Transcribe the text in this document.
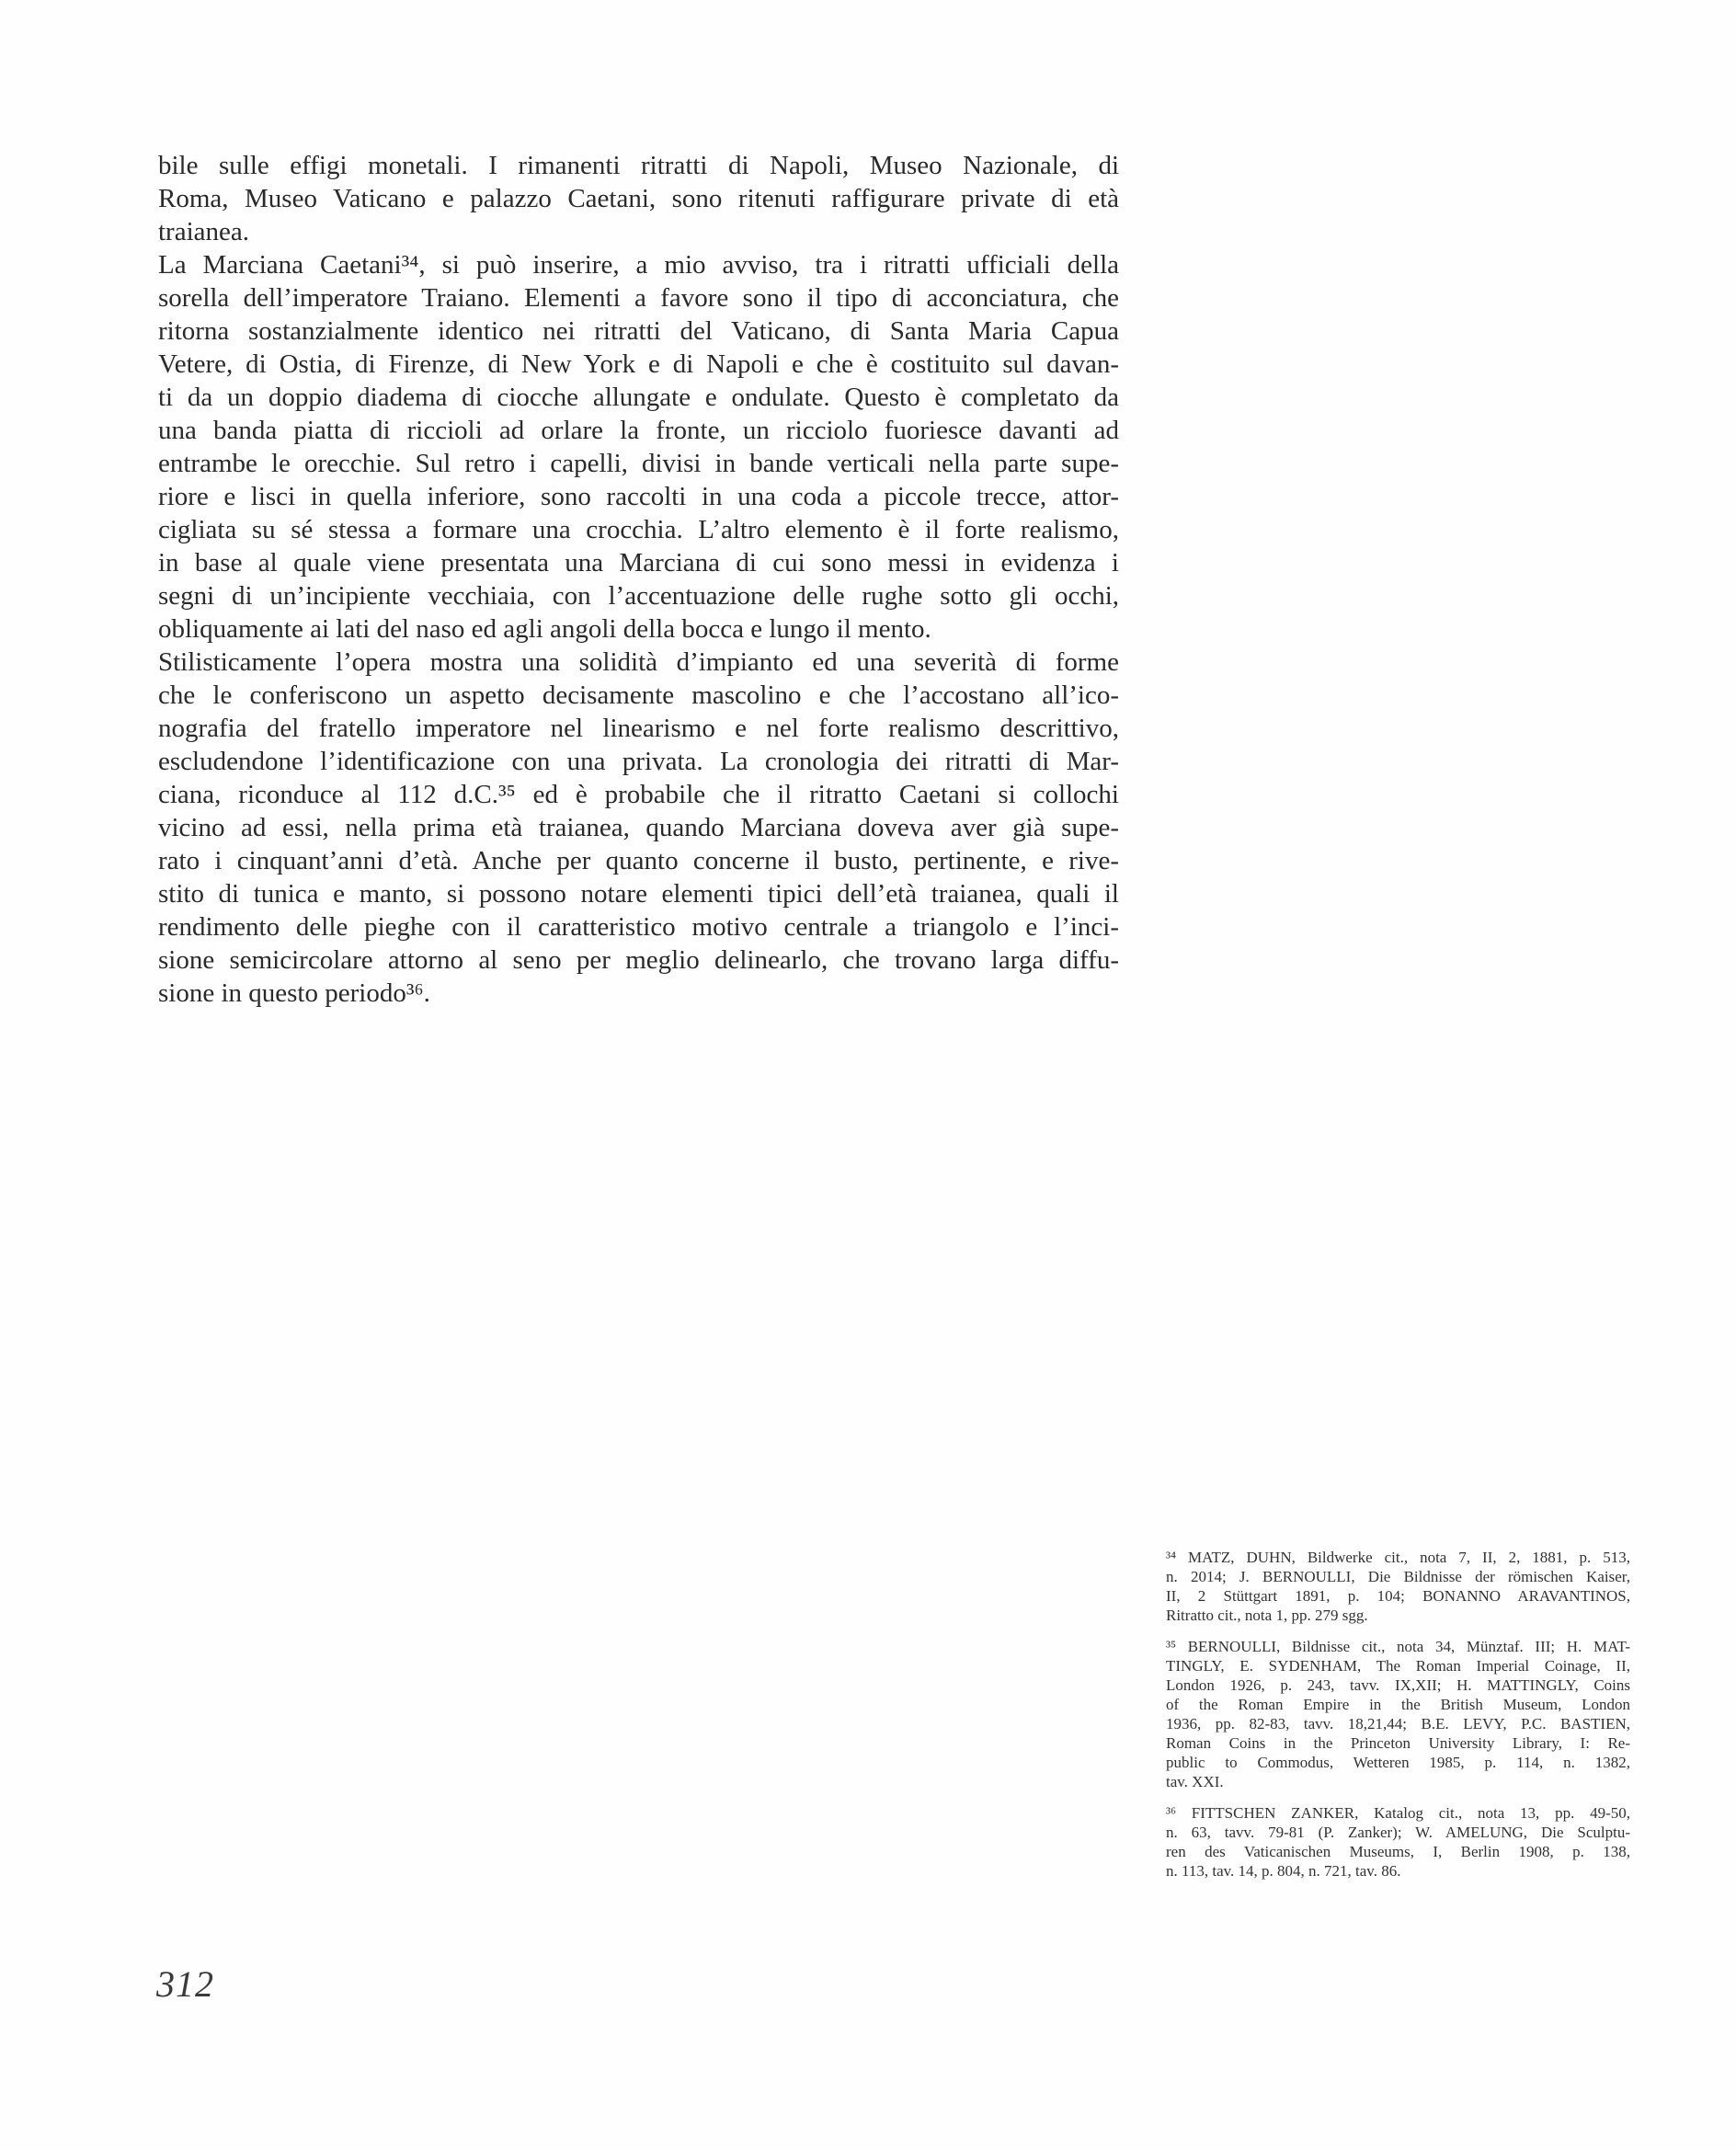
bile sulle effigi monetali. I rimanenti ritratti di Napoli, Museo Nazionale, di
Roma, Museo Vaticano e palazzo Caetani, sono ritenuti raffigurare private di età
traianea.
La Marciana Caetani³⁴, si può inserire, a mio avviso, tra i ritratti ufficiali della
sorella dell’imperatore Traiano. Elementi a favore sono il tipo di acconciatura, che
ritorna sostanzialmente identico nei ritratti del Vaticano, di Santa Maria Capua
Vetere, di Ostia, di Firenze, di New York e di Napoli e che è costituito sul davan-
ti da un doppio diadema di ciocche allungate e ondulate. Questo è completato da
una banda piatta di riccioli ad orlare la fronte, un ricciolo fuoriesce davanti ad
entrambe le orecchie. Sul retro i capelli, divisi in bande verticali nella parte supe-
riore e lisci in quella inferiore, sono raccolti in una coda a piccole trecce, attor-
cigliata su sé stessa a formare una crocchia. L’altro elemento è il forte realismo,
in base al quale viene presentata una Marciana di cui sono messi in evidenza i
segni di un’incipiente vecchiaia, con l’accentuazione delle rughe sotto gli occhi,
obliquamente ai lati del naso ed agli angoli della bocca e lungo il mento.
Stilisticamente l’opera mostra una solidità d’impianto ed una severità di forme
che le conferiscono un aspetto decisamente mascolino e che l’accostano all’ico-
nografia del fratello imperatore nel linearismo e nel forte realismo descrittivo,
escludendone l’identificazione con una privata. La cronologia dei ritratti di Mar-
ciana, riconduce al 112 d.C.³⁵ ed è probabile che il ritratto Caetani si collochi
vicino ad essi, nella prima età traianea, quando Marciana doveva aver già supe-
rato i cinquant’anni d’età. Anche per quanto concerne il busto, pertinente, e rive-
stito di tunica e manto, si possono notare elementi tipici dell’età traianea, quali il
rendimento delle pieghe con il caratteristico motivo centrale a triangolo e l’inci-
sione semicircolare attorno al seno per meglio delinearlo, che trovano larga diffu-
sione in questo periodo³⁶.
³⁴ MATZ, DUHN, Bildwerke cit., nota 7, II, 2, 1881, p. 513,
n. 2014; J. BERNOULLI, Die Bildnisse der römischen Kaiser,
II, 2 Stüttgart 1891, p. 104; BONANNO ARAVANTINOS,
Ritratto cit., nota 1, pp. 279 sgg.
³⁵ BERNOULLI, Bildnisse cit., nota 34, Münztaf. III; H. MAT-
TINGLY, E. SYDENHAM, The Roman Imperial Coinage, II,
London 1926, p. 243, tavv. IX,XII; H. MATTINGLY, Coins
of the Roman Empire in the British Museum, London
1936, pp. 82-83, tavv. 18,21,44; B.E. LEVY, P.C. BASTIEN,
Roman Coins in the Princeton University Library, I: Re-
public to Commodus, Wetteren 1985, p. 114, n. 1382,
tav. XXI.
³⁶ FITTSCHEN ZANKER, Katalog cit., nota 13, pp. 49-50,
n. 63, tavv. 79-81 (P. Zanker); W. AMELUNG, Die Sculptu-
ren des Vaticanischen Museums, I, Berlin 1908, p. 138,
n. 113, tav. 14, p. 804, n. 721, tav. 86.
312
